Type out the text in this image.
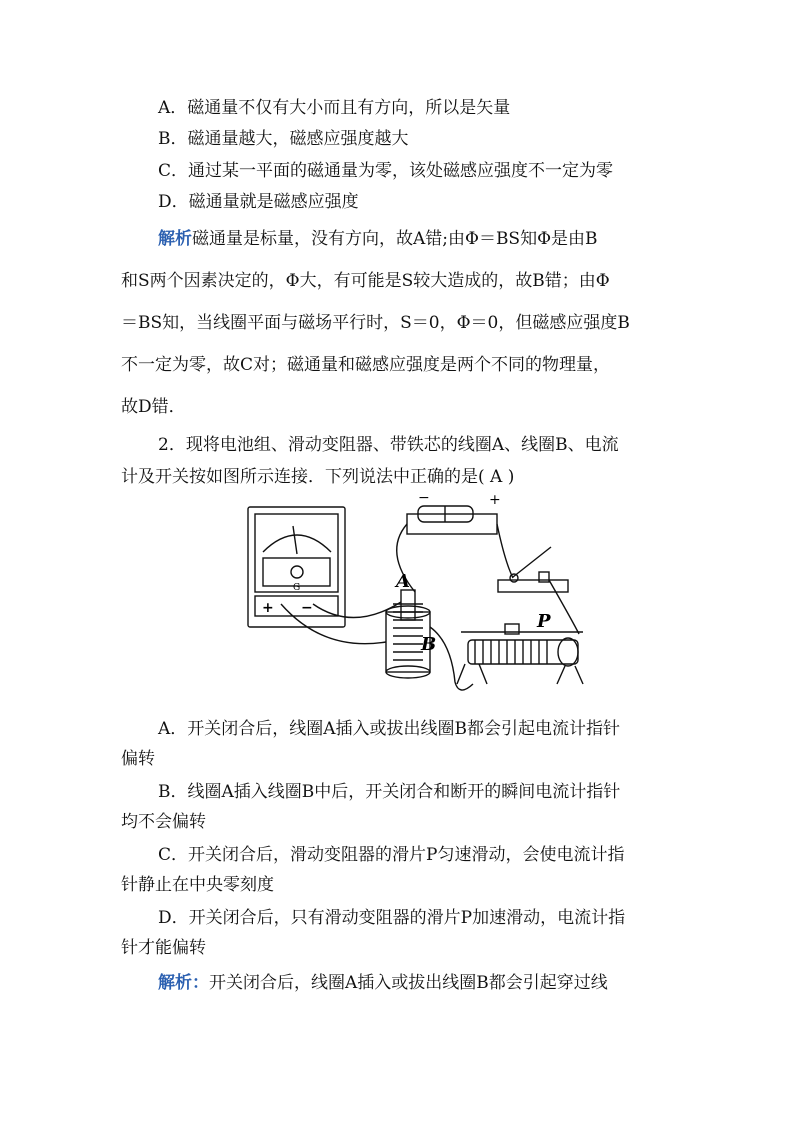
A．磁通量不仅有大小而且有方向，所以是矢量
B．磁通量越大，磁感应强度越大
C．通过某一平面的磁通量为零，该处磁感应强度不一定为零
D．磁通量就是磁感应强度
解析磁通量是标量，没有方向，故A错;由Φ＝BS知Φ是由B
和S两个因素决定的，Φ大，有可能是S较大造成的，故B错；由Φ
＝BS知，当线圈平面与磁场平行时，S＝0，Φ＝0，但磁感应强度B
不一定为零，故C对；磁通量和磁感应强度是两个不同的物理量，
故D错．
2．现将电池组、滑动变阻器、带铁芯的线圈A、线圈B、电流
计及开关按如图所示连接．下列说法中正确的是( A )
−	+
+ −
G	A
B
P
A．开关闭合后，线圈A插入或拔出线圈B都会引起电流计指针
偏转
B．线圈A插入线圈B中后，开关闭合和断开的瞬间电流计指针
均不会偏转
C．开关闭合后，滑动变阻器的滑片P匀速滑动，会使电流计指
针静止在中央零刻度
D．开关闭合后，只有滑动变阻器的滑片P加速滑动，电流计指
针才能偏转
解析：开关闭合后，线圈A插入或拔出线圈B都会引起穿过线
